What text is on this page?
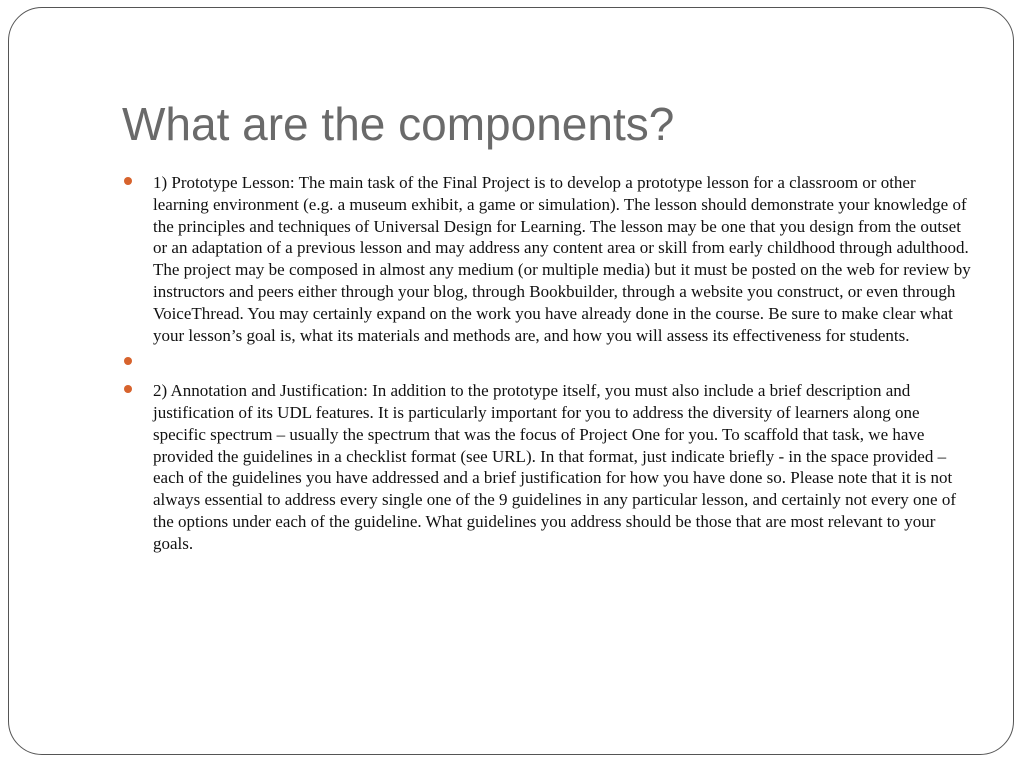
What are the components?
1) Prototype Lesson: The main task of the Final Project is to develop a prototype lesson for a classroom or other learning environment (e.g. a museum exhibit, a game or simulation). The lesson should demonstrate your knowledge of the principles and techniques of Universal Design for Learning. The lesson may be one that you design from the outset or an adaptation of a previous lesson and may address any content area or skill from early childhood through adulthood. The project may be composed in almost any medium (or multiple media) but it must be posted on the web for review by instructors and peers either through your blog, through Bookbuilder, through a website you construct, or even through VoiceThread. You may certainly expand on the work you have already done in the course. Be sure to make clear what your lesson’s goal is, what its materials and methods are, and how you will assess its effectiveness for students.
2) Annotation and Justification: In addition to the prototype itself, you must also include a brief description and justification of its UDL features. It is particularly important for you to address the diversity of learners along one specific spectrum – usually the spectrum that was the focus of Project One for you. To scaffold that task, we have provided the guidelines in a checklist format (see URL). In that format, just indicate briefly - in the space provided – each of the guidelines you have addressed and a brief justification for how you have done so. Please note that it is not always essential to address every single one of the 9 guidelines in any particular lesson, and certainly not every one of the options under each of the guideline. What guidelines you address should be those that are most relevant to your goals.
